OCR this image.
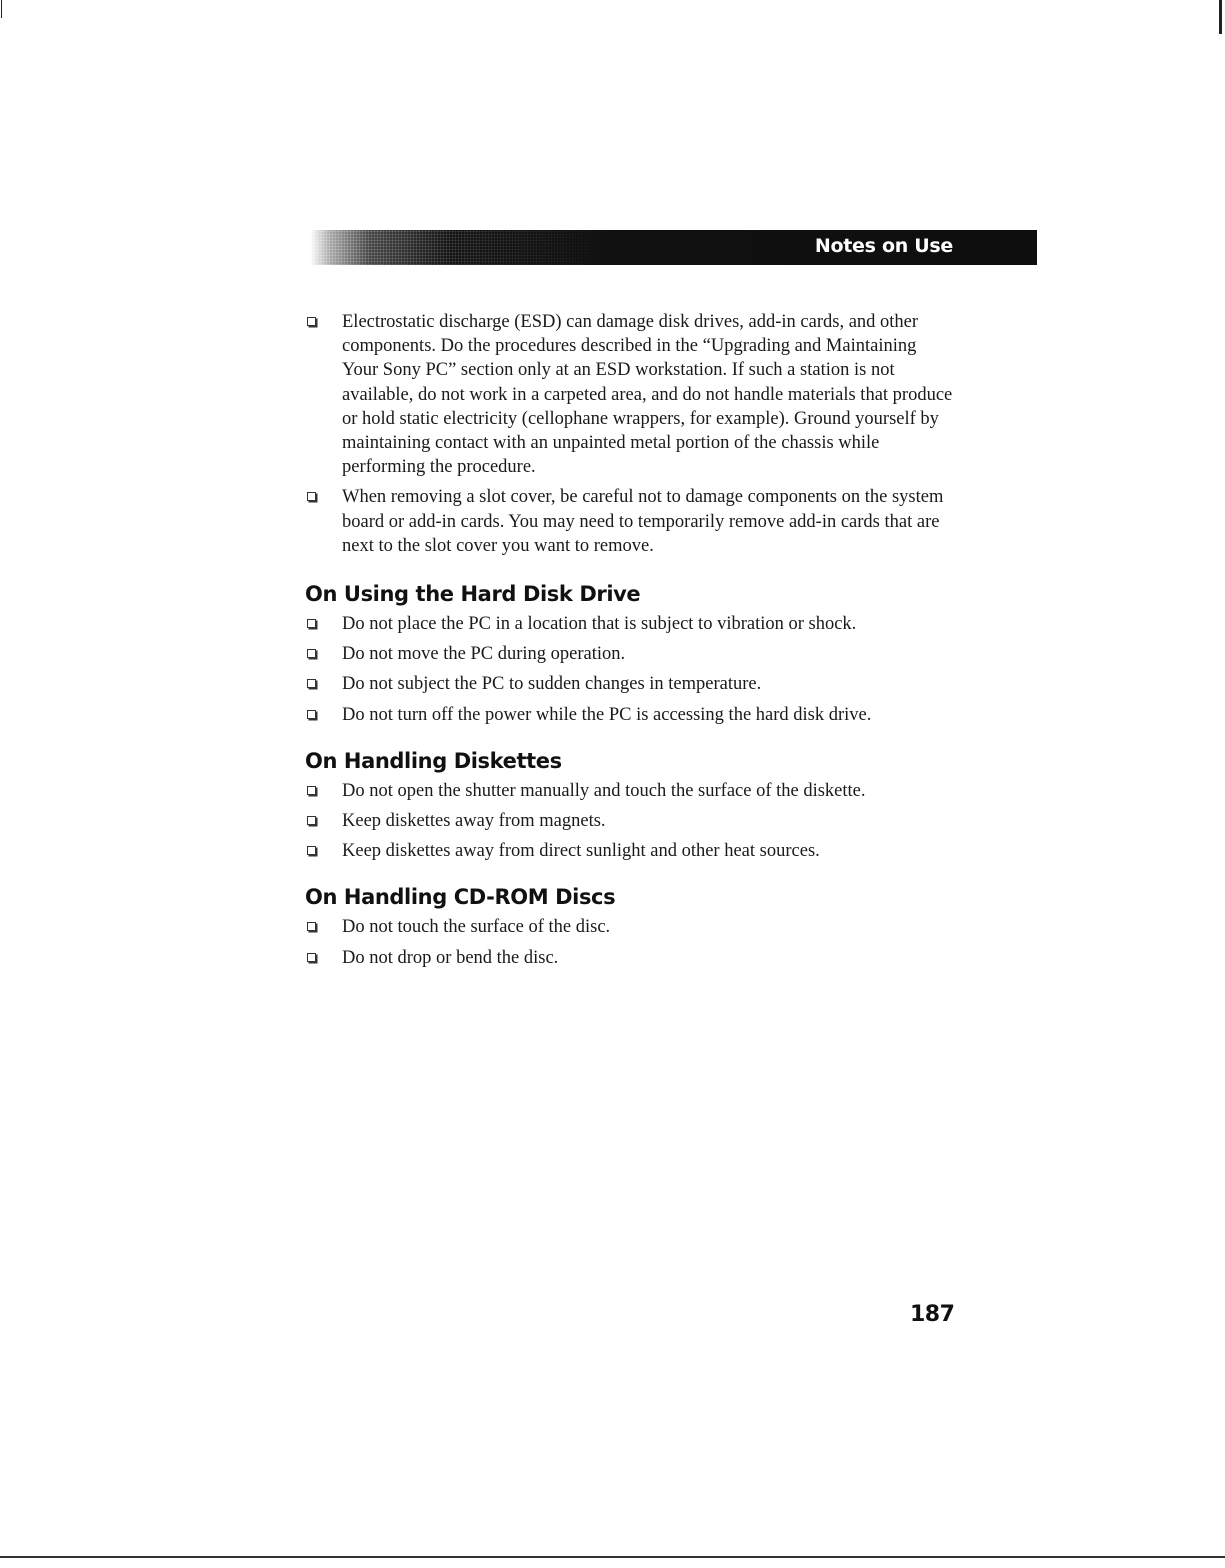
Notes on Use
Electrostatic discharge (ESD) can damage disk drives, add-in cards, and other components. Do the procedures described in the “Upgrading and Maintaining Your Sony PC” section only at an ESD workstation. If such a station is not available, do not work in a carpeted area, and do not handle materials that produce or hold static electricity (cellophane wrappers, for example). Ground yourself by maintaining contact with an unpainted metal portion of the chassis while performing the procedure.
When removing a slot cover, be careful not to damage components on the system board or add-in cards. You may need to temporarily remove add-in cards that are next to the slot cover you want to remove.
On Using the Hard Disk Drive
Do not place the PC in a location that is subject to vibration or shock.
Do not move the PC during operation.
Do not subject the PC to sudden changes in temperature.
Do not turn off the power while the PC is accessing the hard disk drive.
On Handling Diskettes
Do not open the shutter manually and touch the surface of the diskette.
Keep diskettes away from magnets.
Keep diskettes away from direct sunlight and other heat sources.
On Handling CD-ROM Discs
Do not touch the surface of the disc.
Do not drop or bend the disc.
187
